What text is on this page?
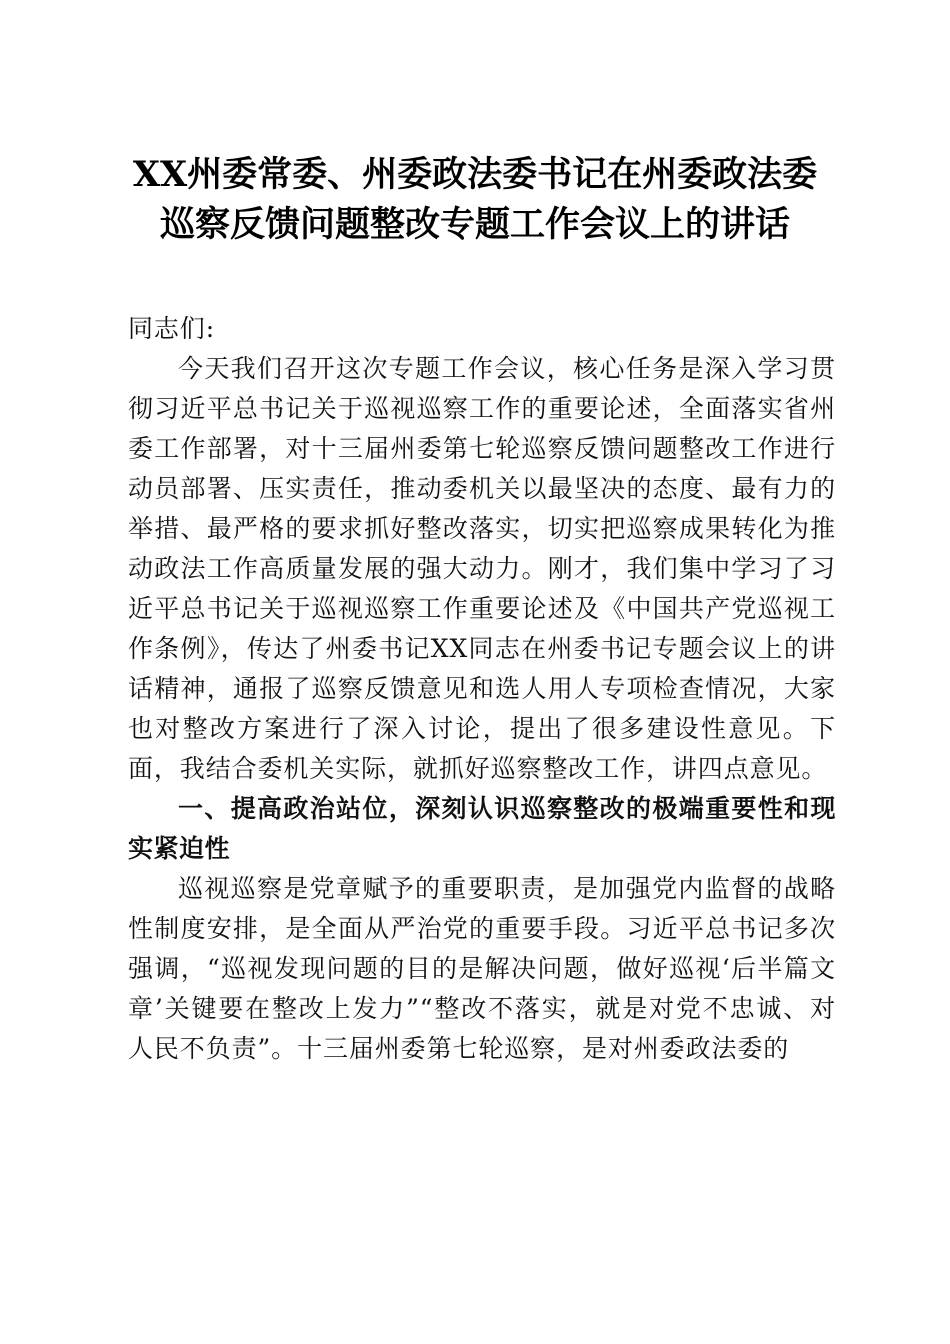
XX州委常委、州委政法委书记在州委政法委
巡察反馈问题整改专题工作会议上的讲话

同志们:

今天我们召开这次专题工作会议，核心任务是深入学习贯彻习近平总书记关于巡视巡察工作的重要论述，全面落实省州委工作部署，对十三届州委第七轮巡察反馈问题整改工作进行动员部署、压实责任，推动委机关以最坚决的态度、最有力的举措、最严格的要求抓好整改落实，切实把巡察成果转化为推动政法工作高质量发展的强大动力。刚才，我们集中学习了习近平总书记关于巡视巡察工作重要论述及《中国共产党巡视工作条例》，传达了州委书记XX同志在州委书记专题会议上的讲话精神，通报了巡察反馈意见和选人用人专项检查情况，大家也对整改方案进行了深入讨论，提出了很多建设性意见。下面，我结合委机关实际，就抓好巡察整改工作，讲四点意见。

一、提高政治站位，深刻认识巡察整改的极端重要性和现实紧迫性

巡视巡察是党章赋予的重要职责，是加强党内监督的战略性制度安排，是全面从严治党的重要手段。习近平总书记多次强调，“巡视发现问题的目的是解决问题，做好巡视‘后半篇文章’关键要在整改上发力”“整改不落实，就是对党不忠诚、对人民不负责”。十三届州委第七轮巡察，是对州委政法委的
